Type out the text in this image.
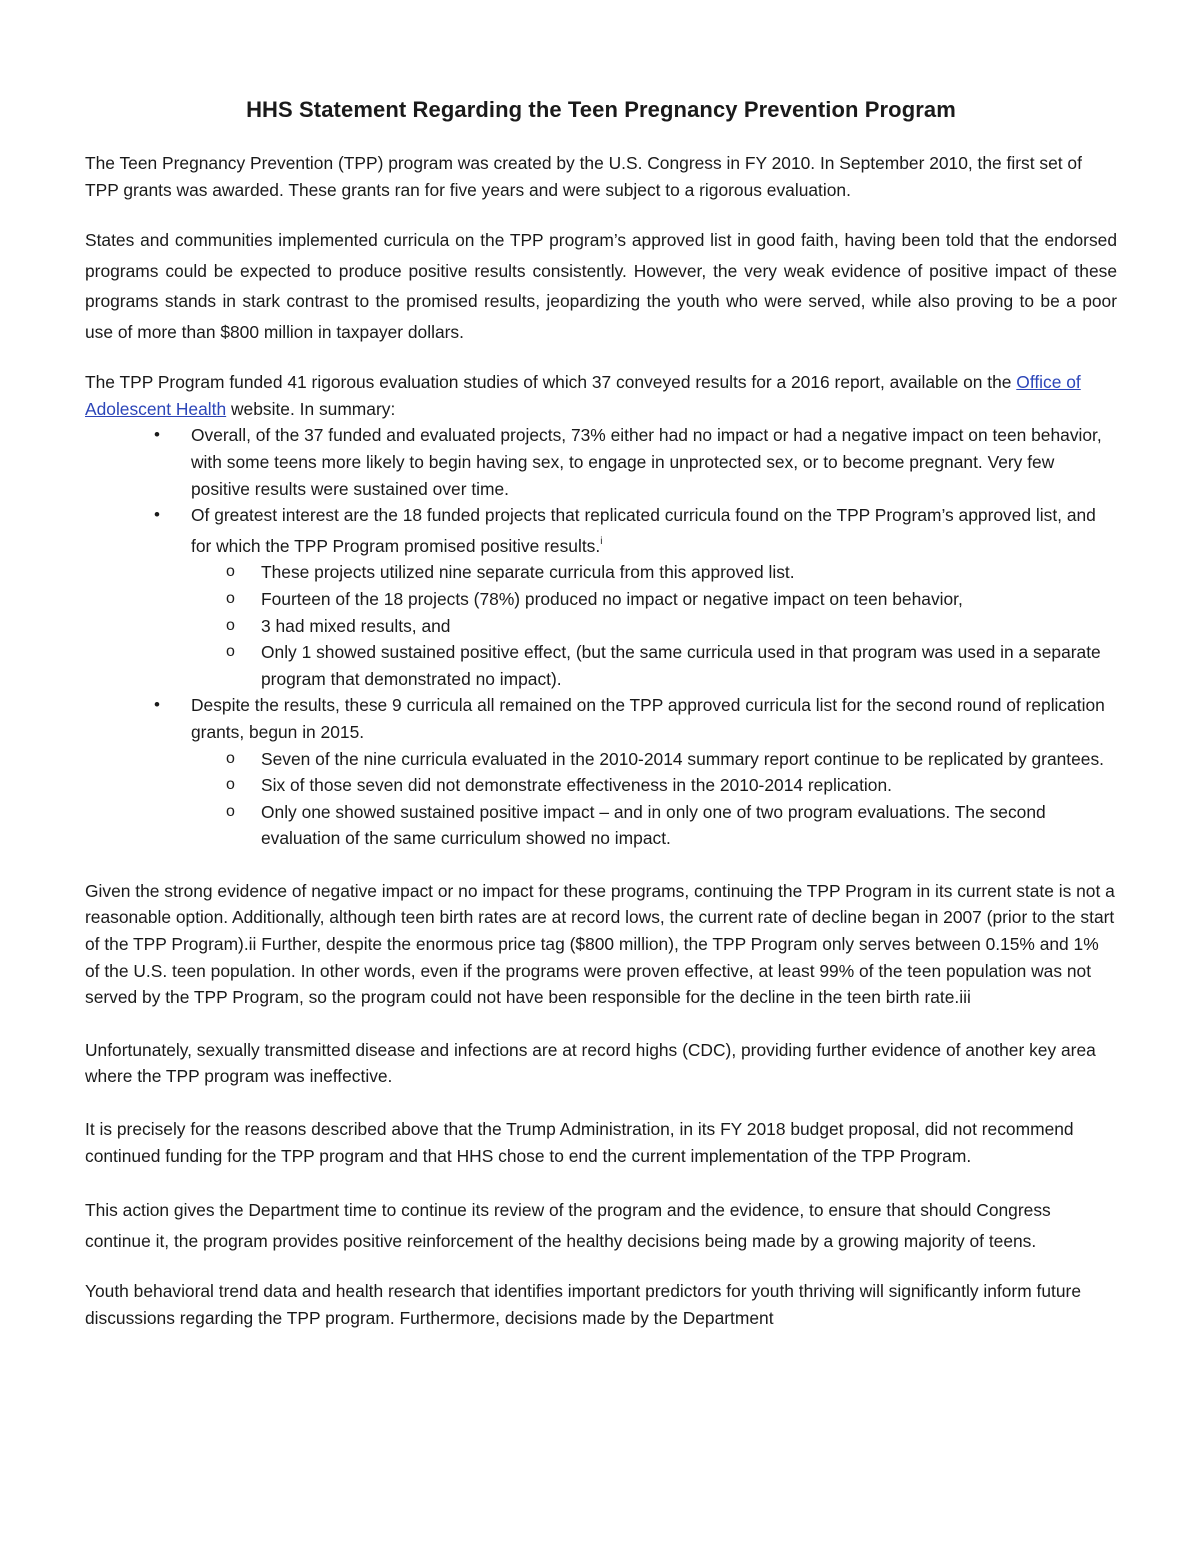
HHS Statement Regarding the Teen Pregnancy Prevention Program

The Teen Pregnancy Prevention (TPP) program was created by the U.S. Congress in FY 2010. In September 2010, the first set of TPP grants was awarded. These grants ran for five years and were subject to a rigorous evaluation.

States and communities implemented curricula on the TPP program’s approved list in good faith, having been told that the endorsed programs could be expected to produce positive results consistently. However, the very weak evidence of positive impact of these programs stands in stark contrast to the promised results, jeopardizing the youth who were served, while also proving to be a poor use of more than $800 million in taxpayer dollars.

The TPP Program funded 41 rigorous evaluation studies of which 37 conveyed results for a 2016 report, available on the Office of Adolescent Health website. In summary:

• Overall, of the 37 funded and evaluated projects, 73% either had no impact or had a negative impact on teen behavior, with some teens more likely to begin having sex, to engage in unprotected sex, or to become pregnant. Very few positive results were sustained over time.
• Of greatest interest are the 18 funded projects that replicated curricula found on the TPP Program’s approved list, and for which the TPP Program promised positive results.$^i$
o These projects utilized nine separate curricula from this approved list.
o Fourteen of the 18 projects (78%) produced no impact or negative impact on teen behavior,
o 3 had mixed results, and
o Only 1 showed sustained positive effect, (but the same curricula used in that program was used in a separate program that demonstrated no impact).
• Despite the results, these 9 curricula all remained on the TPP approved curricula list for the second round of replication grants, begun in 2015.
o Seven of the nine curricula evaluated in the 2010-2014 summary report continue to be replicated by grantees.
o Six of those seven did not demonstrate effectiveness in the 2010-2014 replication.
o Only one showed sustained positive impact – and in only one of two program evaluations. The second evaluation of the same curriculum showed no impact.

Given the strong evidence of negative impact or no impact for these programs, continuing the TPP Program in its current state is not a reasonable option. Additionally, although teen birth rates are at record lows, the current rate of decline began in 2007 (prior to the start of the TPP Program).ii Further, despite the enormous price tag ($800 million), the TPP Program only serves between 0.15% and 1% of the U.S. teen population. In other words, even if the programs were proven effective, at least 99% of the teen population was not served by the TPP Program, so the program could not have been responsible for the decline in the teen birth rate.iii

Unfortunately, sexually transmitted disease and infections are at record highs (CDC), providing further evidence of another key area where the TPP program was ineffective.

It is precisely for the reasons described above that the Trump Administration, in its FY 2018 budget proposal, did not recommend continued funding for the TPP program and that HHS chose to end the current implementation of the TPP Program.

This action gives the Department time to continue its review of the program and the evidence, to ensure that should Congress continue it, the program provides positive reinforcement of the healthy decisions being made by a growing majority of teens.

Youth behavioral trend data and health research that identifies important predictors for youth thriving will significantly inform future discussions regarding the TPP program. Furthermore, decisions made by the Department
